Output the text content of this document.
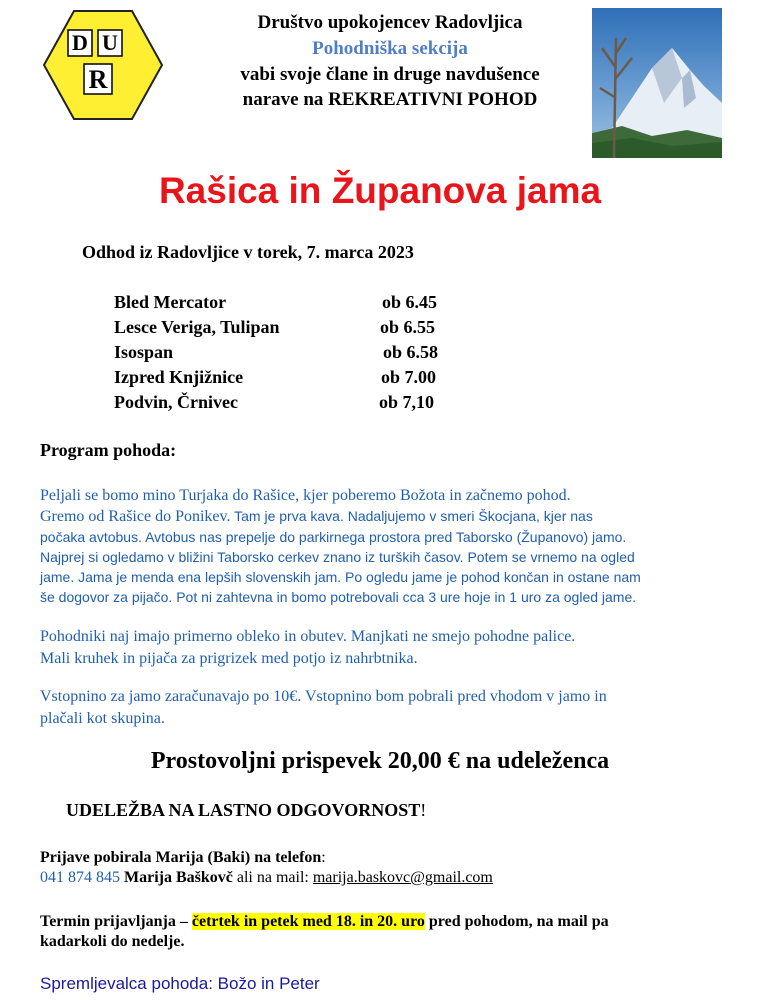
D U
R
Društvo upokojencev Radovljica
Pohodniška sekcija
vabi svoje člane in druge navdušence
narave na REKREATIVNI POHOD
Rašica in Županova jama
Odhod iz Radovljice v torek, 7. marca 2023
Bled Mercator	ob 6.45
Lesce Veriga, Tulipan	ob 6.55
Isospan	ob 6.58
Izpred Knjižnice	ob 7.00
Podvin, Črnivec	ob 7,10
Program pohoda:
Peljali se bomo mino Turjaka do Rašice, kjer poberemo Božota in začnemo pohod.
Gremo od Rašice do Ponikev. Tam je prva kava. Nadaljujemo v smeri Škocjana, kjer nas
počaka avtobus. Avtobus nas prepelje do parkirnega prostora pred Taborsko (Županovo) jamo.
Najprej si ogledamo v bližini Taborsko cerkev znano iz turških časov. Potem se vrnemo na ogled
jame. Jama je menda ena lepših slovenskih jam. Po ogledu jame je pohod končan in ostane nam
še dogovor za pijačo. Pot ni zahtevna in bomo potrebovali cca 3 ure hoje in 1 uro za ogled jame.
Pohodniki naj imajo primerno obleko in obutev. Manjkati ne smejo pohodne palice.
Mali kruhek in pijača za prigrizek med potjo iz nahrbtnika.
Vstopnino za jamo zaračunavajo po 10€. Vstopnino bom pobrali pred vhodom v jamo in
plačali kot skupina.
Prostovoljni prispevek 20,00 € na udeleženca
UDELEŽBA NA LASTNO ODGOVORNOST!
Prijave pobirala Marija (Baki) na telefon:
041 874 845 Marija Baškovč ali na mail: marija.baskovc@gmail.com
Termin prijavljanja – četrtek in petek med 18. in 20. uro pred pohodom, na mail pa
kadarkoli do nedelje.
Spremljevalca pohoda: Božo in Peter
